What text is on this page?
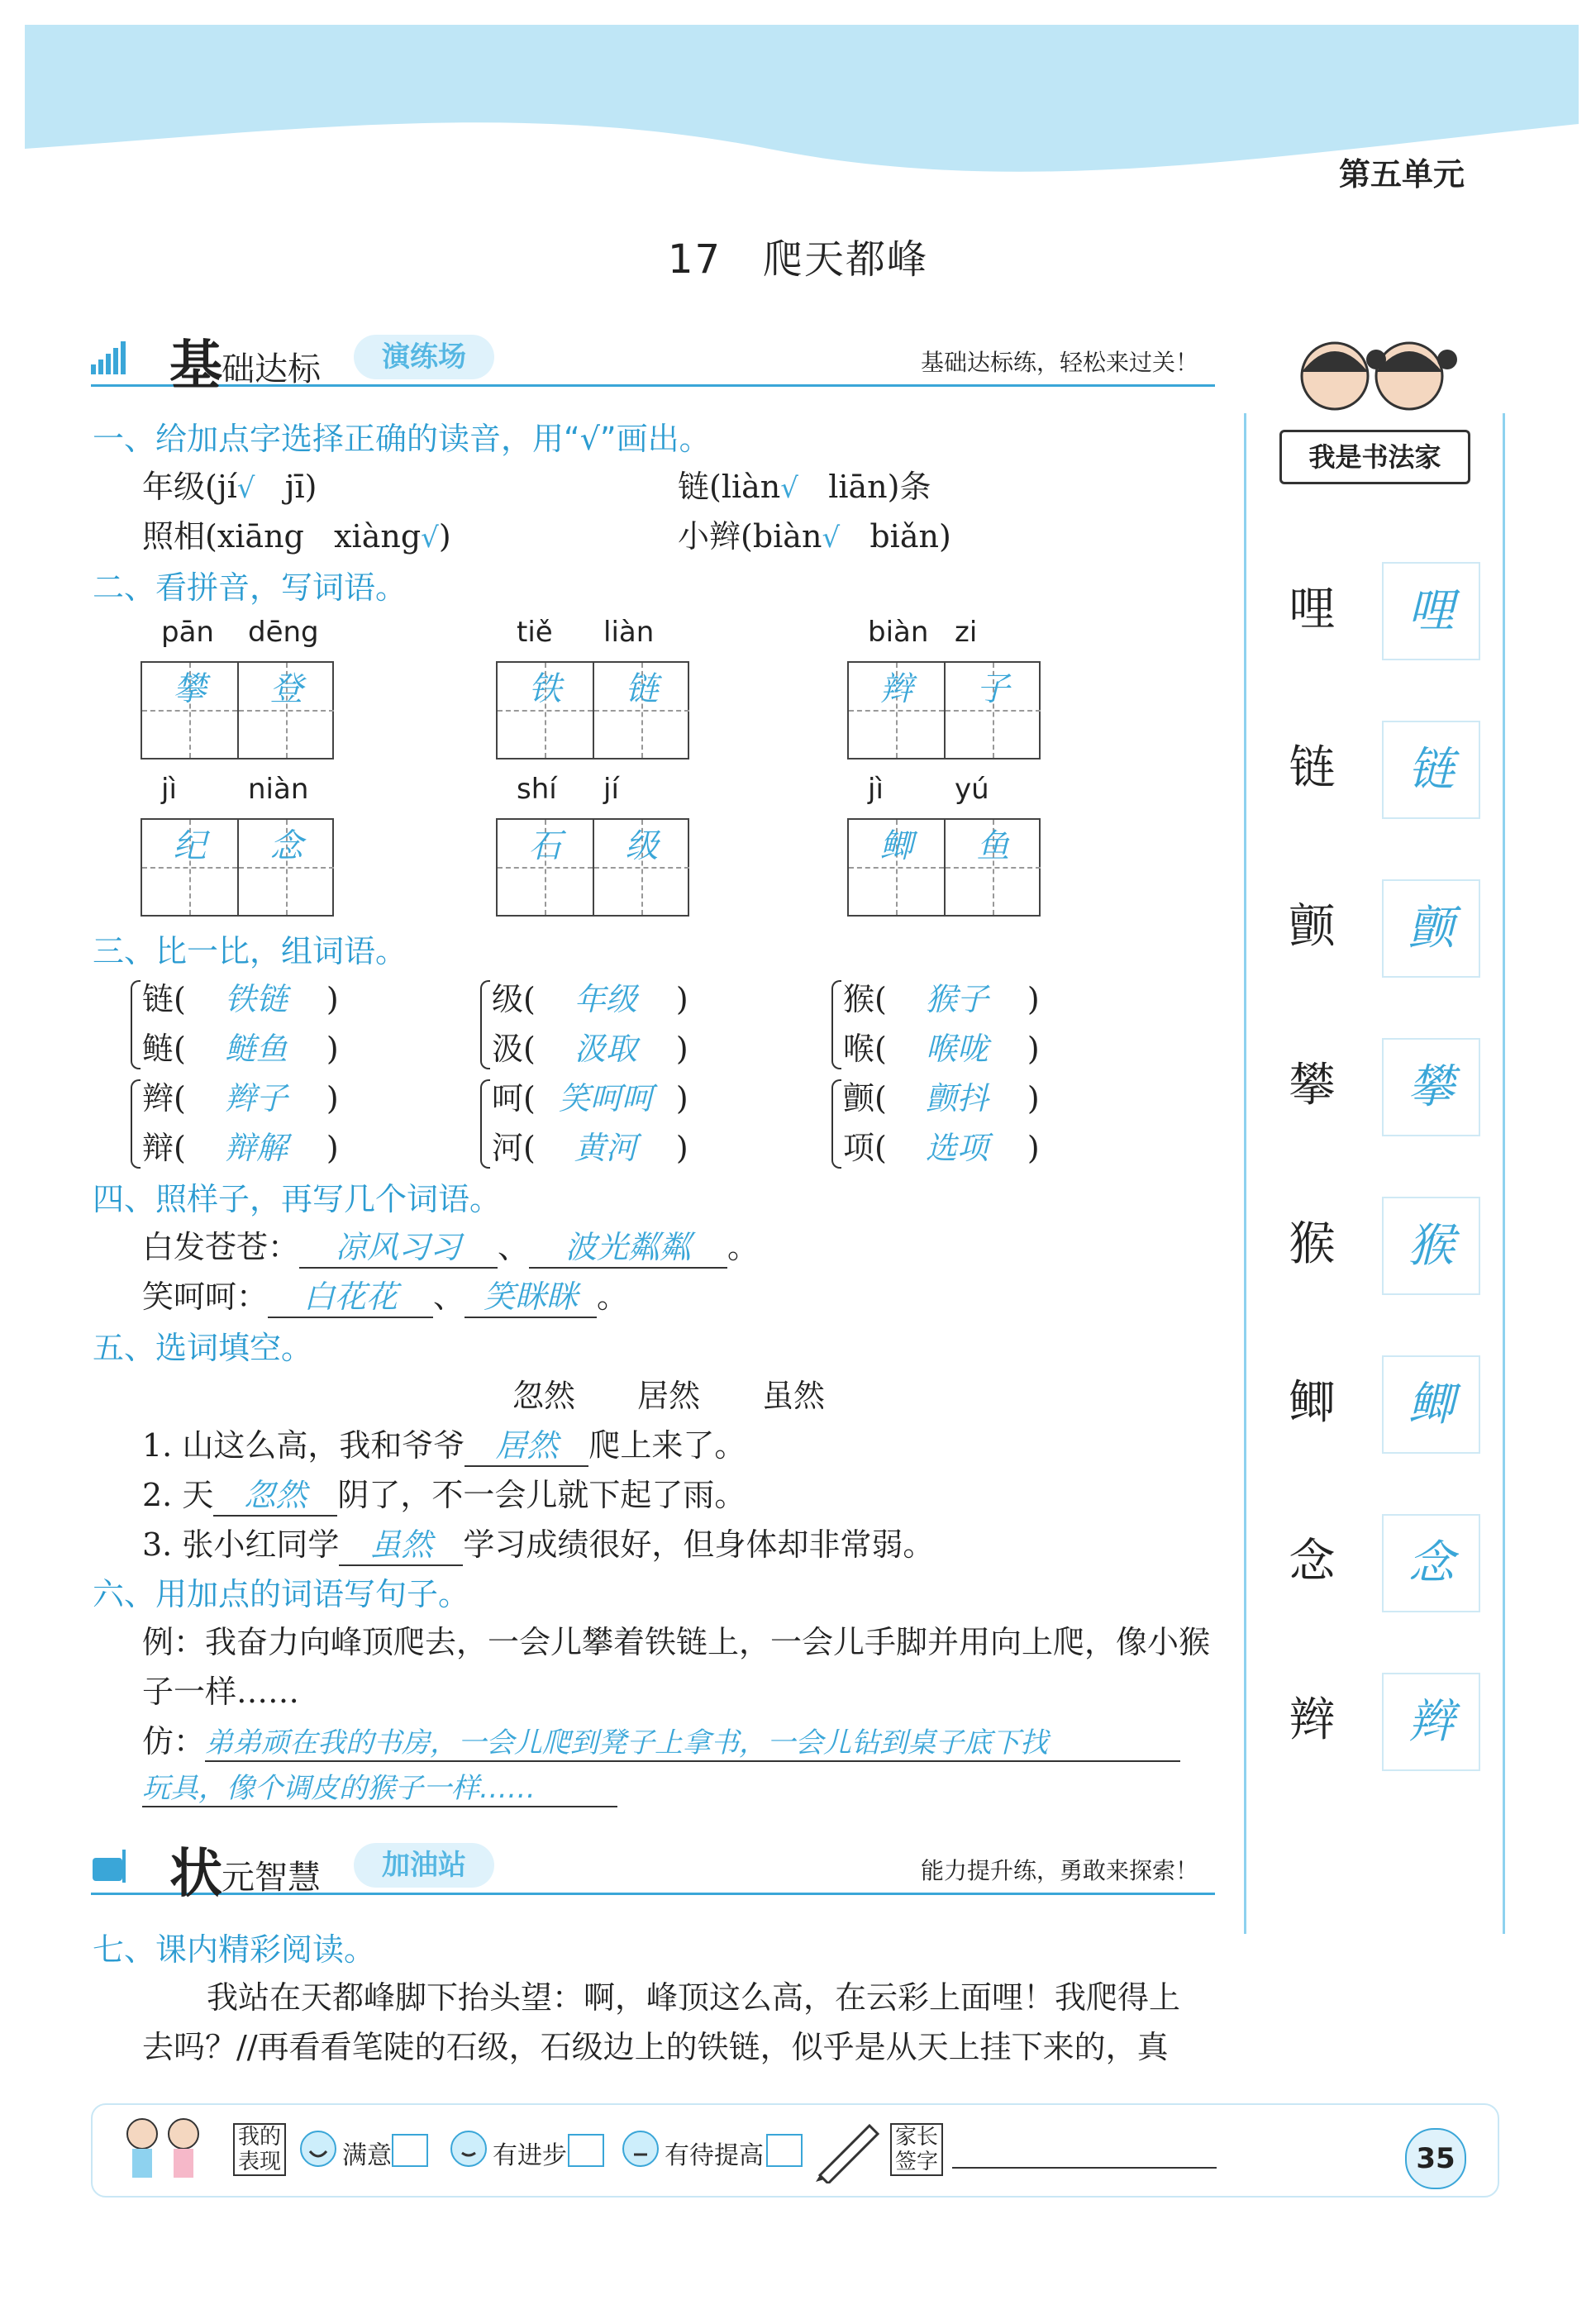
第五单元
17　爬天都峰
基 础达标	演练场	基础达标练，轻松来过关！
一、给加点字选择正确的读音，用“√”画出。
年级(jí√ jī)	链(liàn√ liān)条
照相(xiāng xiàng√)	小辫(biàn√ biǎn)
二、看拼音，写词语。
pān dēng
攀	登
tiě liàn
铁	链
biàn zi
辫	子
jì	niàn
纪	念
shí jí
石	级
jì	yú
鲫	鱼
三、比一比，组词语。
链( 铁链 )
鲢( 鲢鱼 )
级( 年级 )
汲( 汲取 )
猴( 猴子 )
喉( 喉咙 )
辫( 辫子 )
辩( 辩解 )
呵( 笑呵呵 )
河( 黄河 )
颤( 颤抖 )
项( 选项 )
四、照样子，再写几个词语。
白发苍苍： 凉风习习 、 波光粼粼 。
笑呵呵： 白花花 、 笑眯眯 。
五、选词填空。
忽然 居然 虽然
1. 山这么高，我和爷爷 居然 爬上来了。
2. 天 忽然 阴了，不一会儿就下起了雨。
3. 张小红同学 虽然 学习成绩很好，但身体却非常弱。
六、用加点的词语写句子。
例：我奋力向峰顶爬去，一会儿攀着铁链上，一会儿手脚并用向上爬，像小猴
子一样……
仿：弟弟顽在我的书房，一会儿爬到凳子上拿书，一会儿钻到桌子底下找
玩具，像个调皮的猴子一样……
状 元智慧	加油站	能力提升练，勇敢来探索！
七、课内精彩阅读。
我站在天都峰脚下抬头望：啊，峰顶这么高，在云彩上面哩！我爬得上
去吗？//再看看笔陡的石级，石级边上的铁链，似乎是从天上挂下来的，真
我是书法家
哩	哩
链	链
颤	颤
攀	攀
猴	猴
鲫	鲫
念	念
辫	辫
我的表现 满意	有进步	有待提高
家长签字	35
